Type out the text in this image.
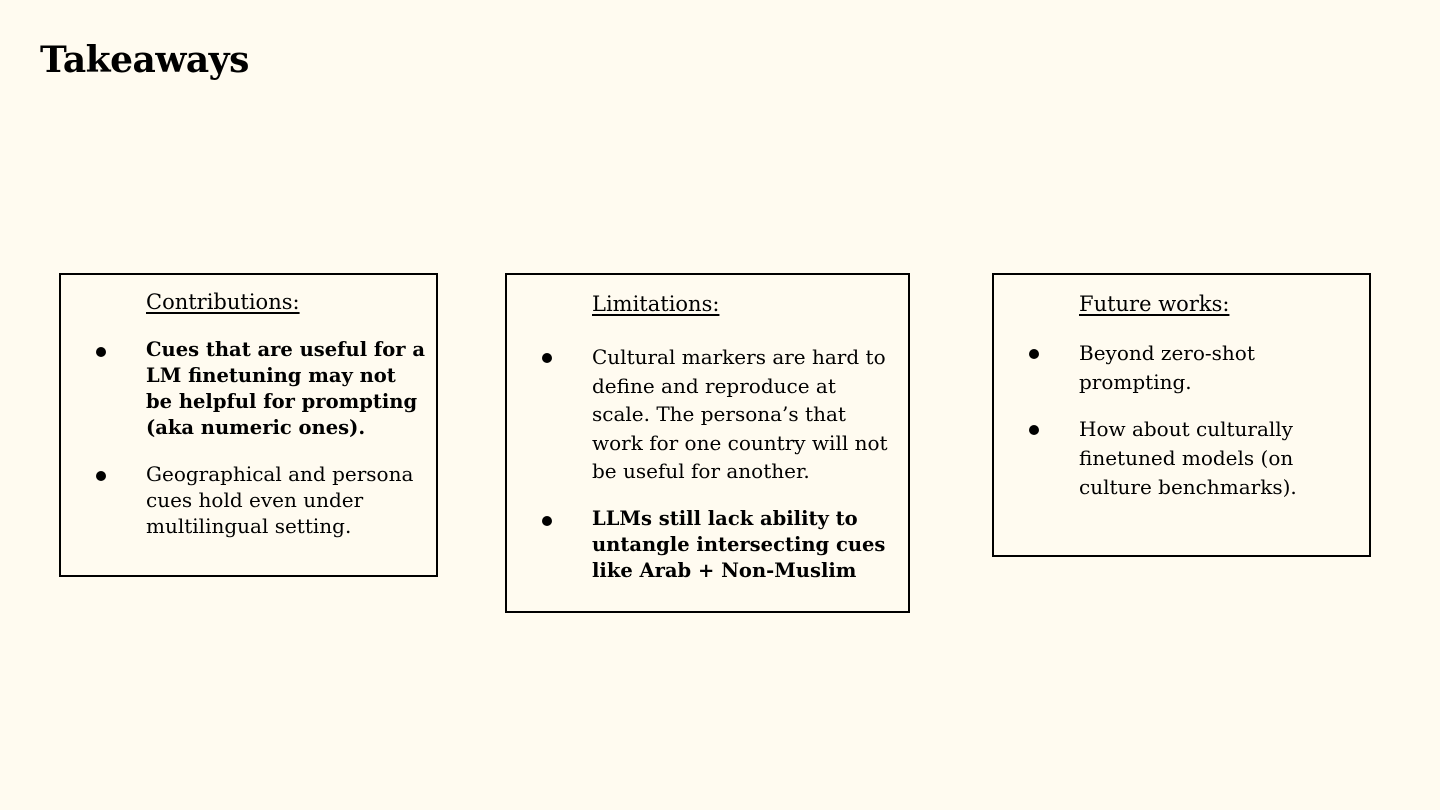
Takeaways
Contributions:
Cues that are useful for a LM finetuning may not be helpful for prompting (aka numeric ones).
Geographical and persona cues hold even under multilingual setting.
Limitations:
Cultural markers are hard to define and reproduce at scale. The persona’s that work for one country will not be useful for another.
LLMs still lack ability to untangle intersecting cues like Arab + Non-Muslim
Future works:
Beyond zero-shot prompting.
How about culturally finetuned models (on culture benchmarks).
